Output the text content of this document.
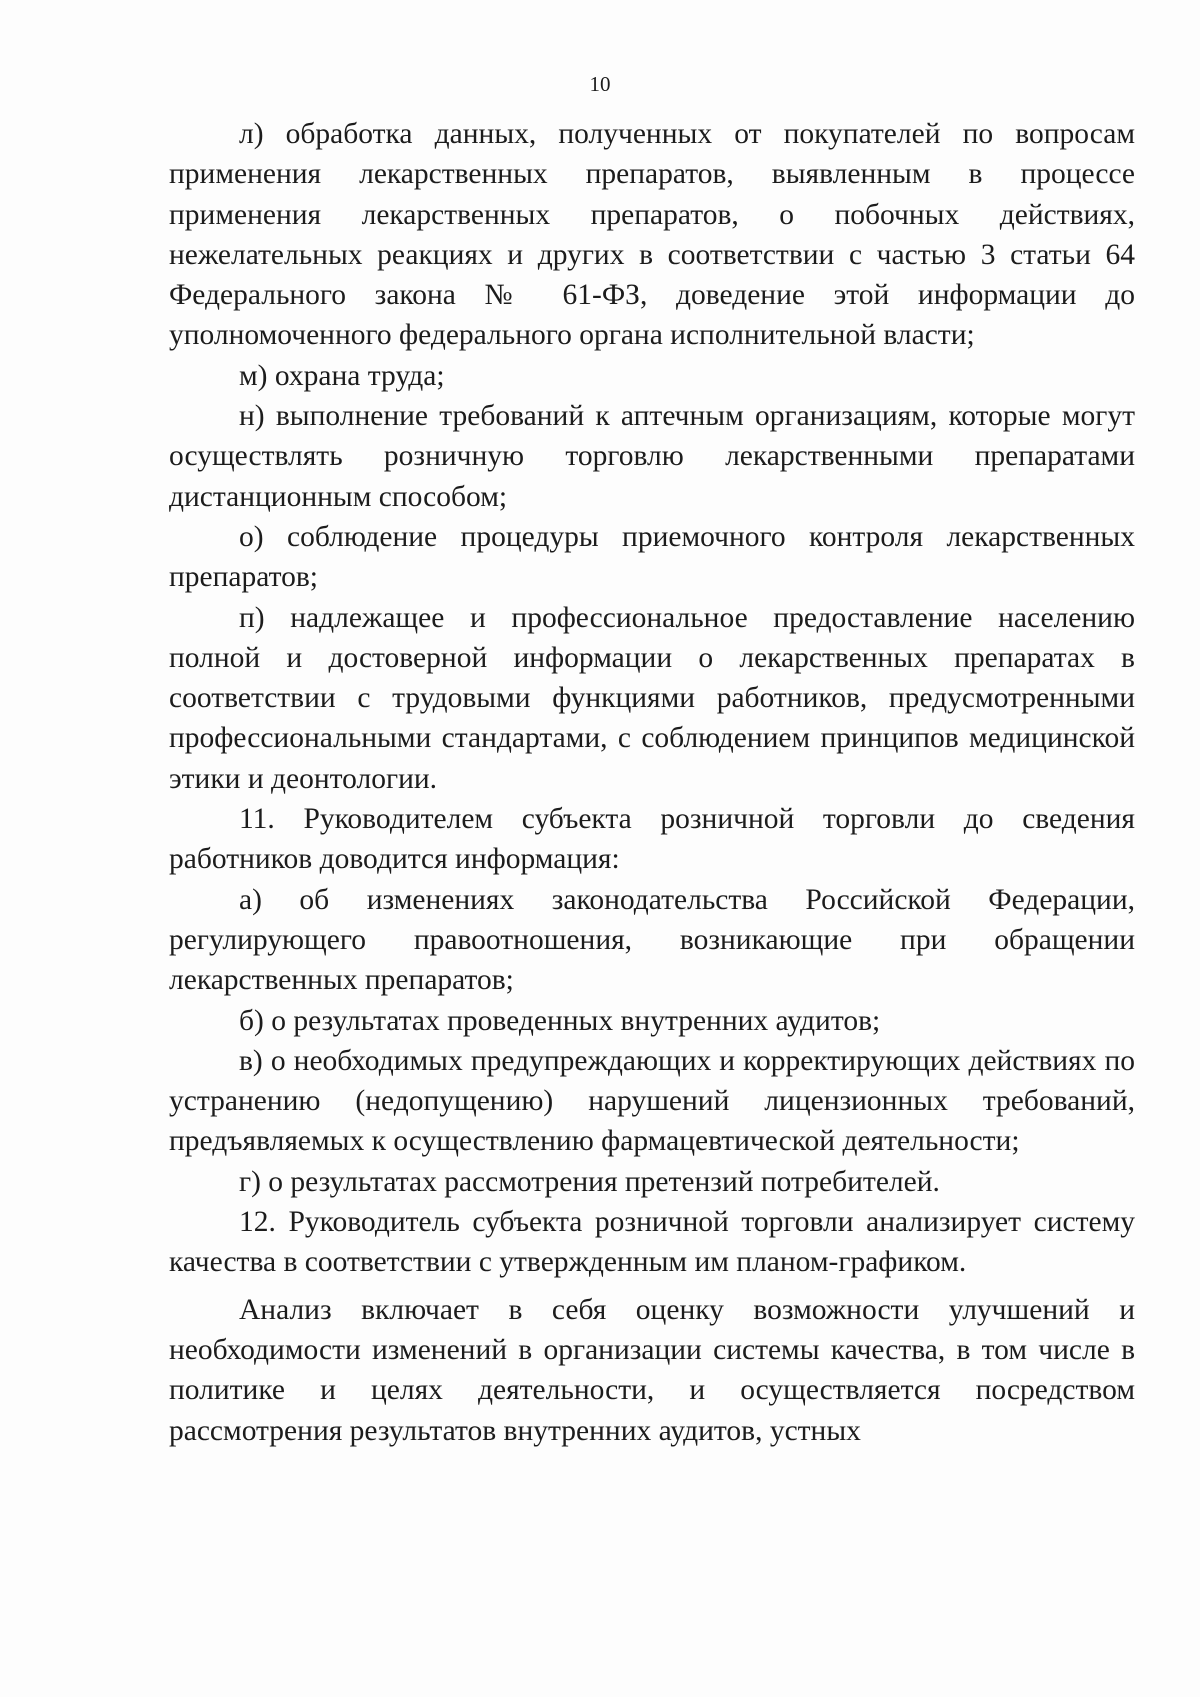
10

л) обработка данных, полученных от покупателей по вопросам применения лекарственных препаратов, выявленным в процессе применения лекарственных препаратов, о побочных действиях, нежелательных реакциях и других в соответствии с частью 3 статьи 64 Федерального закона № 61-ФЗ, доведение этой информации до уполномоченного федерального органа исполнительной власти;

м) охрана труда;

н) выполнение требований к аптечным организациям, которые могут осуществлять розничную торговлю лекарственными препаратами дистанционным способом;

о) соблюдение процедуры приемочного контроля лекарственных препаратов;

п) надлежащее и профессиональное предоставление населению полной и достоверной информации о лекарственных препаратах в соответствии с трудовыми функциями работников, предусмотренными профессиональными стандартами, с соблюдением принципов медицинской этики и деонтологии.

11. Руководителем субъекта розничной торговли до сведения работников доводится информация:

а) об изменениях законодательства Российской Федерации, регулирующего правоотношения, возникающие при обращении лекарственных препаратов;

б) о результатах проведенных внутренних аудитов;

в) о необходимых предупреждающих и корректирующих действиях по устранению (недопущению) нарушений лицензионных требований, предъявляемых к осуществлению фармацевтической деятельности;

г) о результатах рассмотрения претензий потребителей.

12. Руководитель субъекта розничной торговли анализирует систему качества в соответствии с утвержденным им планом-графиком.

Анализ включает в себя оценку возможности улучшений и необходимости изменений в организации системы качества, в том числе в политике и целях деятельности, и осуществляется посредством рассмотрения результатов внутренних аудитов, устных
